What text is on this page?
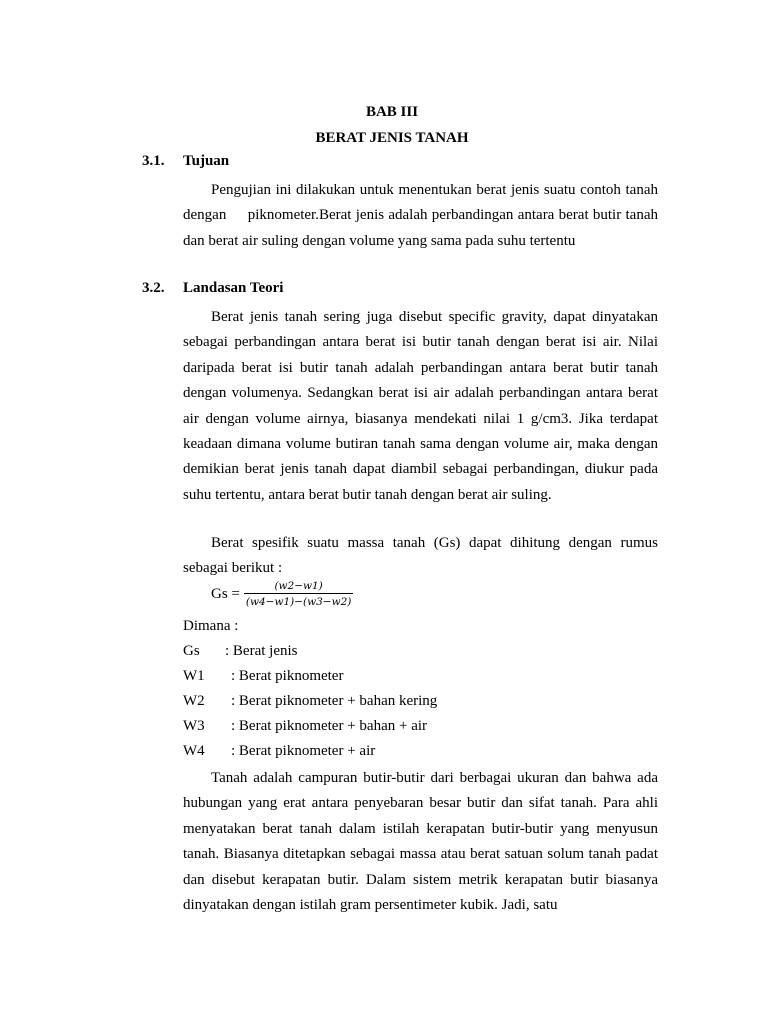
BAB III
BERAT JENIS TANAH
3.1. Tujuan

Pengujian ini dilakukan untuk menentukan berat jenis suatu contoh tanah dengan     piknometer.Berat jenis adalah perbandingan antara berat butir tanah dan berat air suling dengan volume yang sama pada suhu tertentu

3.2. Landasan Teori

Berat jenis tanah sering juga disebut specific gravity, dapat dinyatakan sebagai perbandingan antara berat isi butir tanah dengan berat isi air. Nilai daripada berat isi butir tanah adalah perbandingan antara berat butir tanah dengan volumenya. Sedangkan berat isi air adalah perbandingan antara berat air dengan volume airnya, biasanya mendekati nilai 1 g/cm3. Jika terdapat keadaan dimana volume butiran tanah sama dengan volume air, maka dengan demikian berat jenis tanah dapat diambil sebagai perbandingan, diukur pada suhu tertentu, antara berat butir tanah dengan berat air suling.

Berat spesifik suatu massa tanah (Gs) dapat dihitung dengan rumus sebagai berikut :

$Gs = \frac{(w2-w1)}{(w4-w1)-(w3-w2)}$
Dimana :
Gs : Berat jenis
W1 : Berat piknometer
W2 : Berat piknometer + bahan kering
W3 : Berat piknometer + bahan + air
W4 : Berat piknometer + air

Tanah adalah campuran butir-butir dari berbagai ukuran dan bahwa ada hubungan yang erat antara penyebaran besar butir dan sifat tanah. Para ahli menyatakan berat tanah dalam istilah kerapatan butir-butir yang menyusun tanah. Biasanya ditetapkan sebagai massa atau berat satuan solum tanah padat dan disebut kerapatan butir. Dalam sistem metrik kerapatan butir biasanya dinyatakan dengan istilah gram persentimeter kubik. Jadi, satu
